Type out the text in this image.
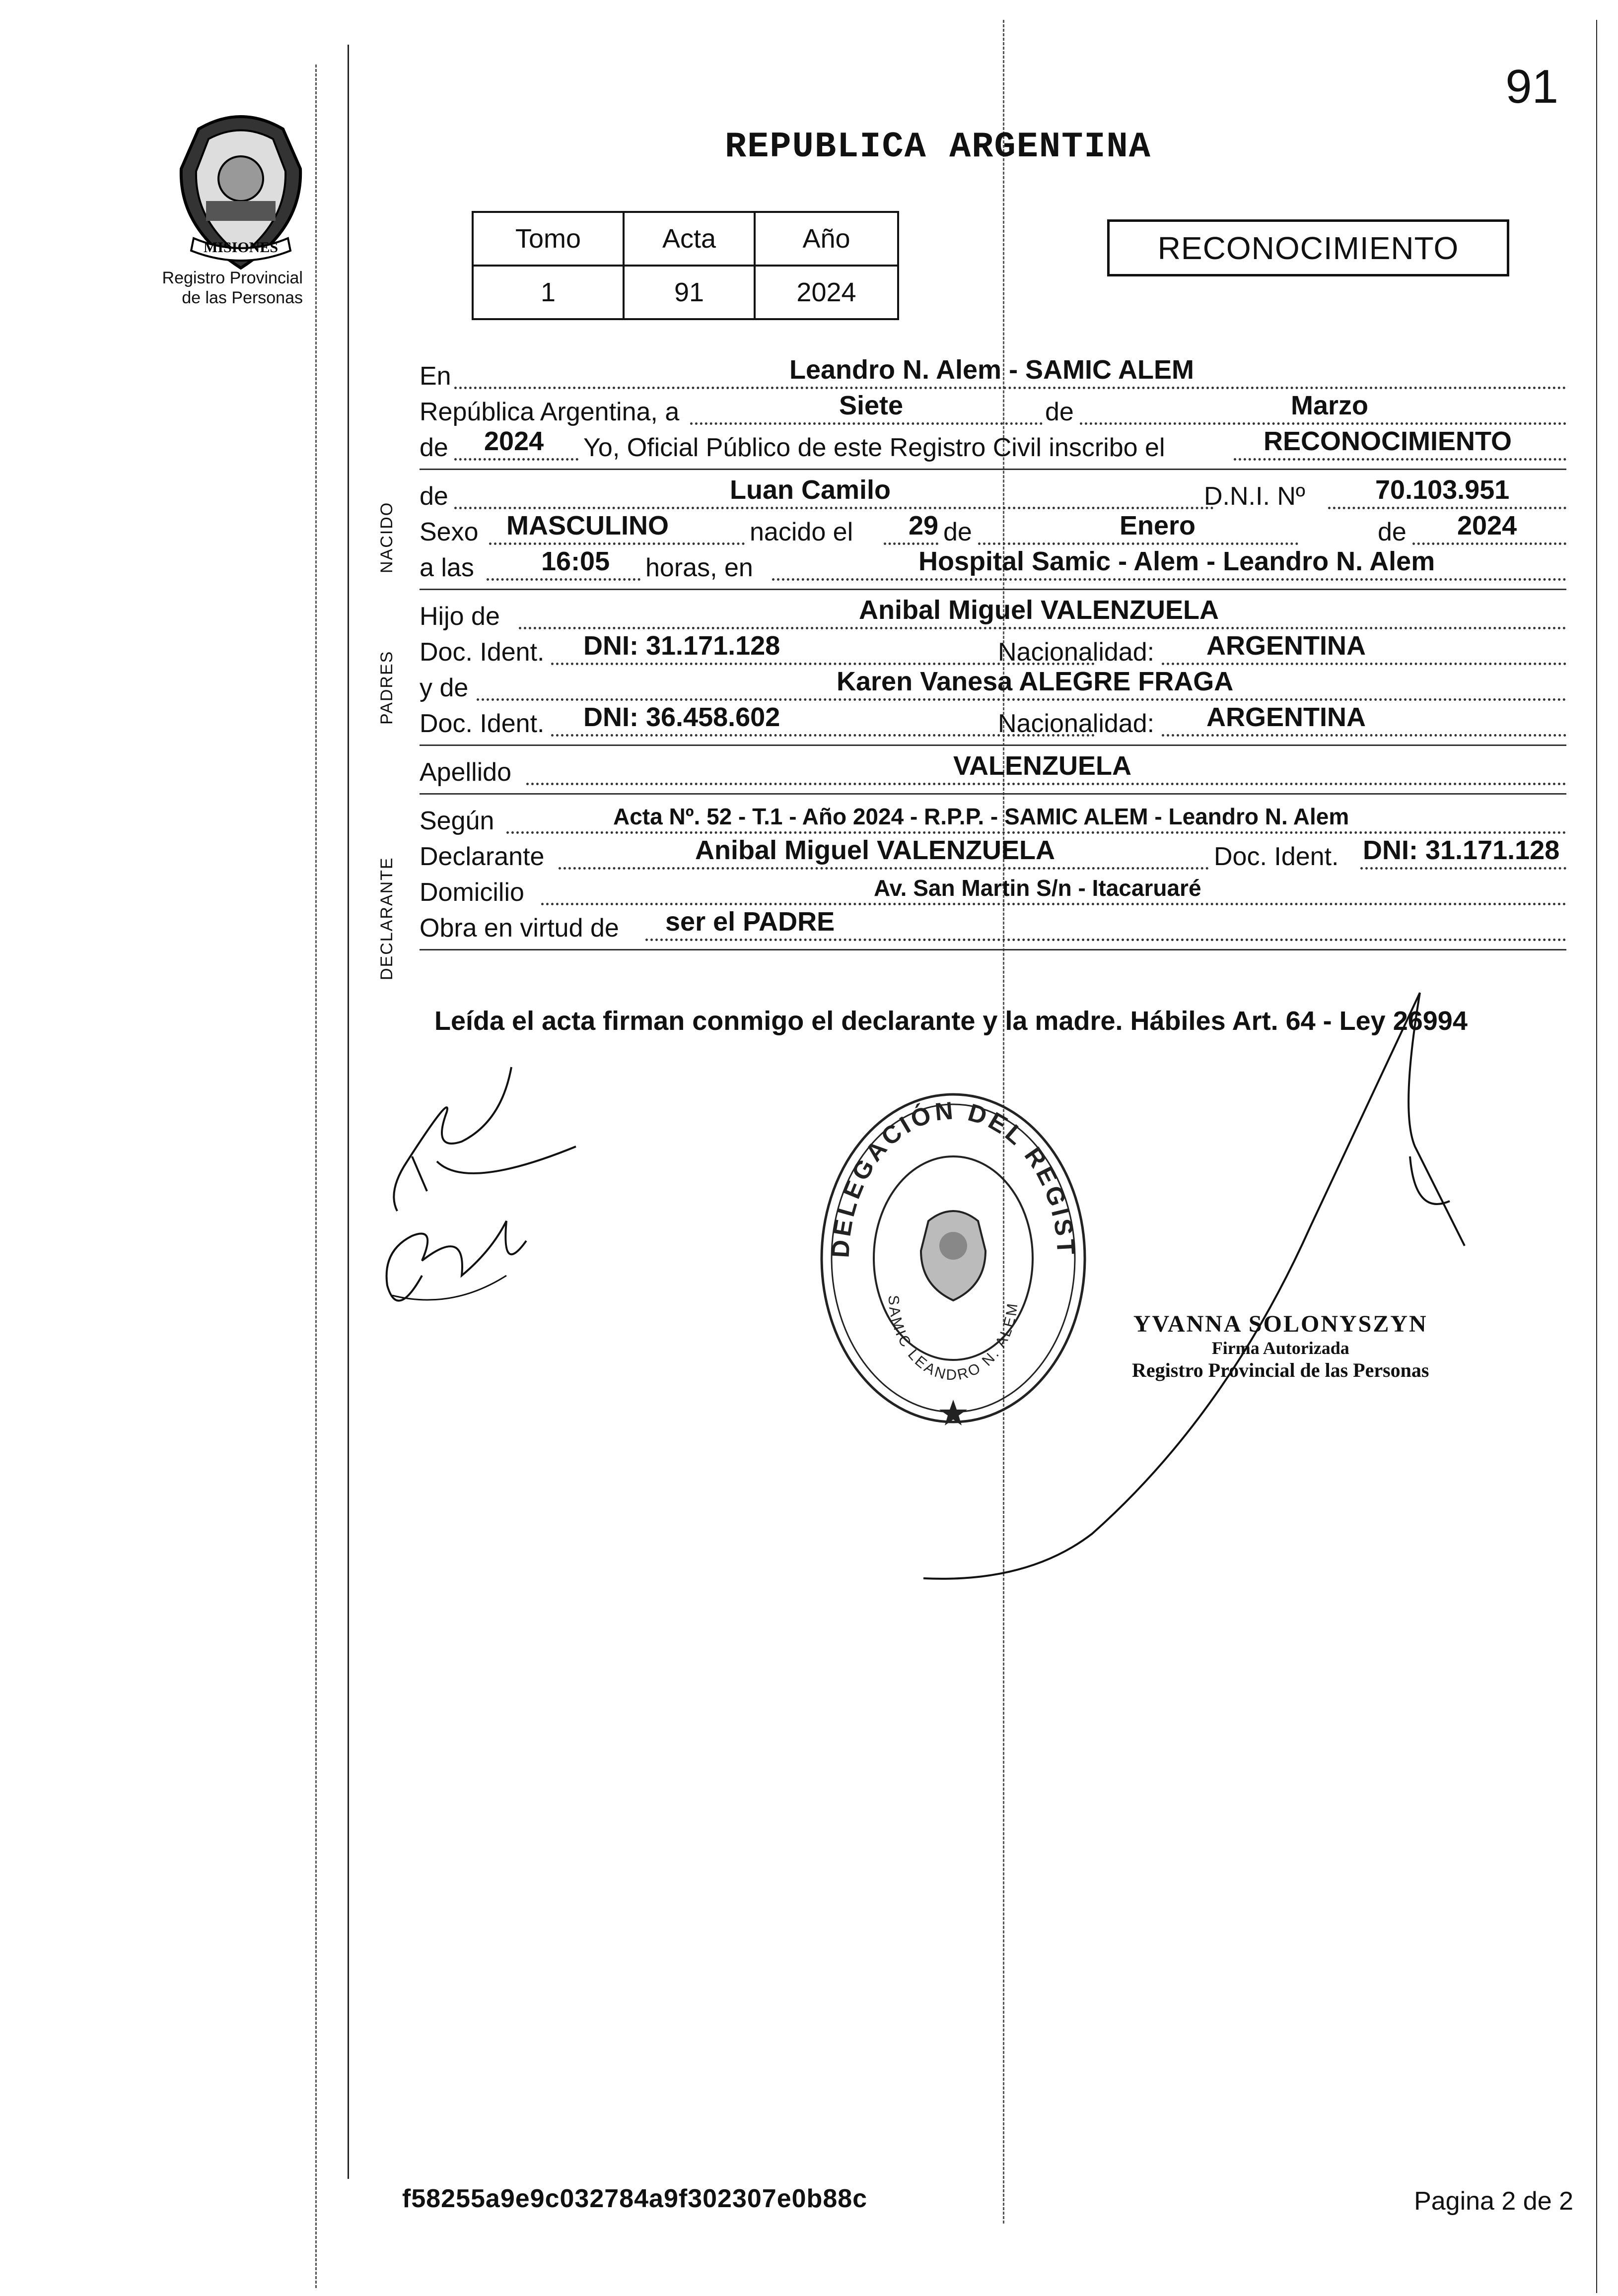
91
MISIONES
Registro Provincial
de las Personas
REPUBLICA ARGENTINA
Tomo	Acta	Año
1	91	2024
RECONOCIMIENTO
NACIDO
PADRES
DECLARANTE
En	Leandro N. Alem - SAMIC ALEM
República Argentina, a	Siete	de	Marzo
de 2024 Yo, Oficial Público de este Registro Civil inscribo el	RECONOCIMIENTO
de	Luan Camilo	D.N.I. Nº	70.103.951
Sexo MASCULINO	nacido el 29 de	Enero	de 2024
a las	16:05 horas, en	Hospital Samic - Alem - Leandro N. Alem
Hijo de	Anibal Miguel VALENZUELA
Doc. Ident. DNI: 31.171.128	Nacionalidad: ARGENTINA
y de	Karen Vanesa ALEGRE FRAGA
Doc. Ident. DNI: 36.458.602	Nacionalidad: ARGENTINA
Apellido	VALENZUELA
Según	Acta Nº. 52 - T.1 - Año 2024 - R.P.P. - SAMIC ALEM - Leandro N. Alem
Declarante	Anibal Miguel VALENZUELA	Doc. Ident. DNI: 31.171.128
Domicilio	Av. San Martin S/n - Itacaruaré
Obra en virtud de ser el PADRE
Leída el acta firman conmigo el declarante y la madre. Hábiles Art. 64 - Ley 26994
DELEGACIÓN DEL REGIST
SAMIC LEANDRO N. ALEM
YVANNA SOLONYSZYN
Firma Autorizada
Registro Provincial de las Personas
f58255a9e9c032784a9f302307e0b88c	Pagina 2 de 2
